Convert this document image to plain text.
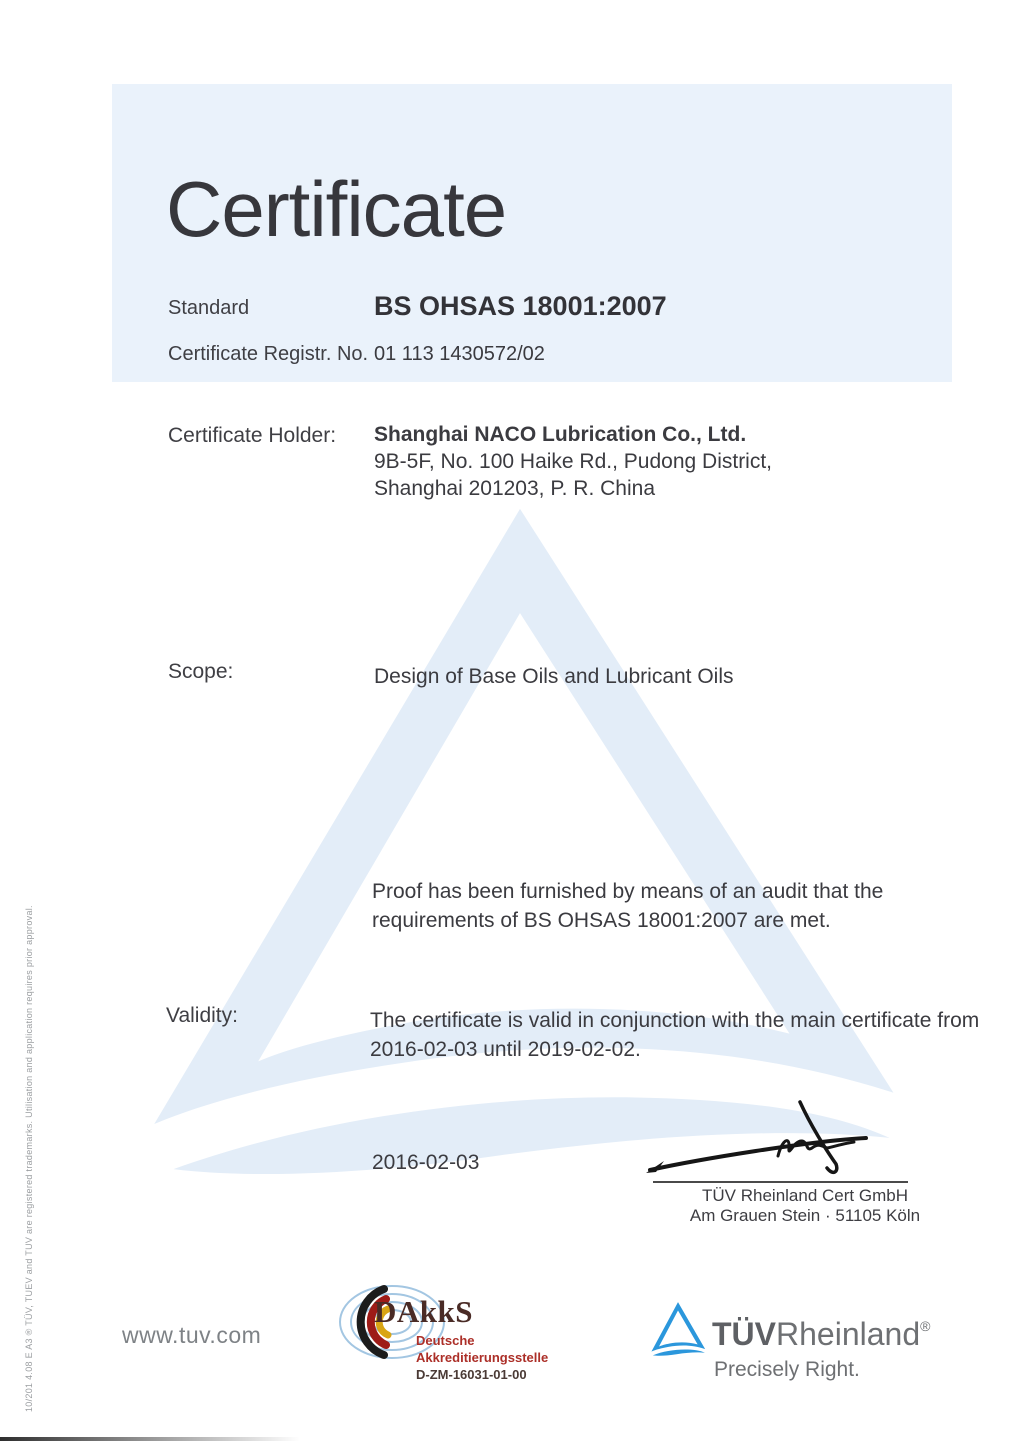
Certificate
Standard	BS OHSAS 18001:2007
Certificate Registr. No. 01 113 1430572/02
Certificate Holder: Shanghai NACO Lubrication Co., Ltd.
9B-5F, No. 100 Haike Rd., Pudong District,
Shanghai 201203, P. R. China
Scope:	Design of Base Oils and Lubricant Oils
Proof has been furnished by means of an audit that the
requirements of BS OHSAS 18001:2007 are met.
Validity:	The certificate is valid in conjunction with the main certificate from
2016-02-03 until 2019-02-02.
2016-02-03
TÜV Rheinland Cert GmbH
Am Grauen Stein · 51105 Köln
www.tuv.com
DAkkS
Deutsche
Akkreditierungsstelle
D-ZM-16031-01-00
TÜVRheinland®
Precisely Right.
10/201 4.08 E A3 ® TÜV, TUEV and TUV are registered trademarks. Utilisation and application requires prior approval.
